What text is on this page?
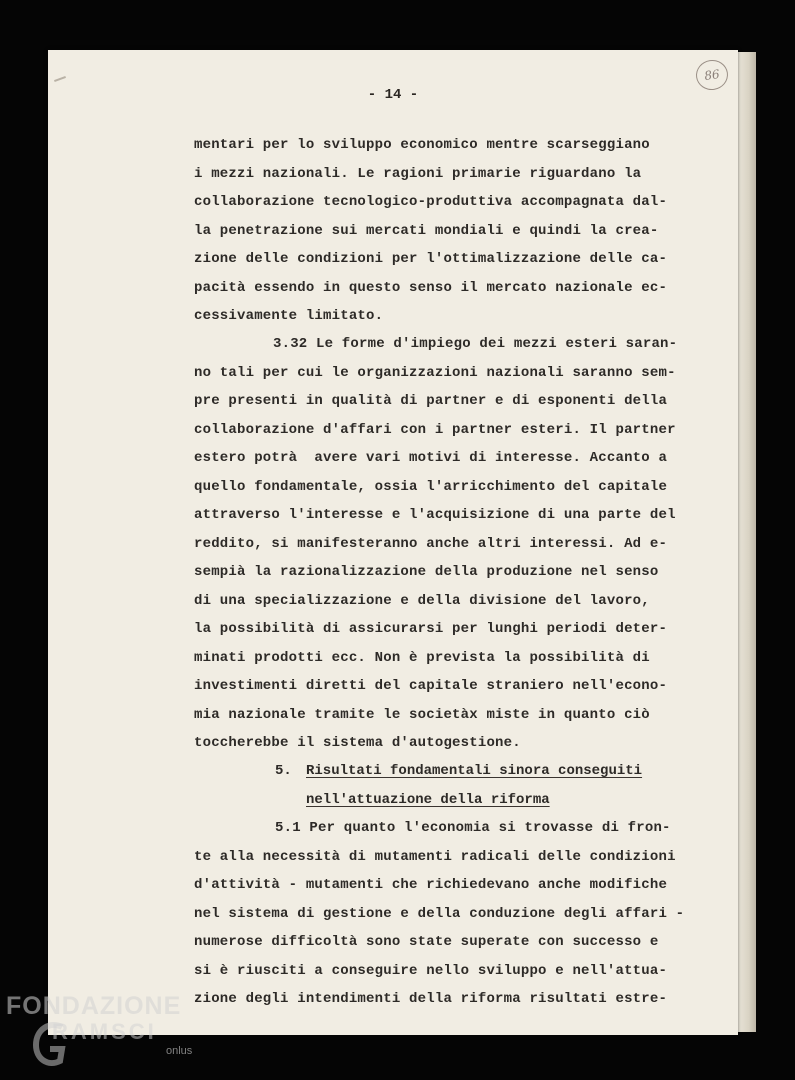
86
- 14 -
mentari per lo sviluppo economico mentre scarseggiano
i mezzi nazionali. Le ragioni primarie riguardano la
collaborazione tecnologico-produttiva accompagnata dal-
la penetrazione sui mercati mondiali e quindi la crea-
zione delle condizioni per l'ottimalizzazione delle ca-
pacità essendo in questo senso il mercato nazionale ec-
cessivamente limitato.
3.32 Le forme d'impiego dei mezzi esteri saran-
no tali per cui le organizzazioni nazionali saranno sem-
pre presenti in qualità di partner e di esponenti della
collaborazione d'affari con i partner esteri. Il partner
estero potrà  avere vari motivi di interesse. Accanto a
quello fondamentale, ossia l'arricchimento del capitale
attraverso l'interesse e l'acquisizione di una parte del
reddito, si manifesteranno anche altri interessi. Ad e-
sempià la razionalizzazione della produzione nel senso
di una specializzazione e della divisione del lavoro,
la possibilità di assicurarsi per lunghi periodi deter-
minati prodotti ecc. Non è prevista la possibilità di
investimenti diretti del capitale straniero nell'econo-
mia nazionale tramite le societàx miste in quanto ciò
toccherebbe il sistema d'autogestione.
5.	Risultati fondamentali sinora conseguiti
nell'attuazione della riforma
5.1 Per quanto l'economia si trovasse di fron-
te alla necessità di mutamenti radicali delle condizioni
d'attività - mutamenti che richiedevano anche modifiche
nel sistema di gestione e della conduzione degli affari -
numerose difficoltà sono state superate con successo e
si è riusciti a conseguire nello sviluppo e nell'attua-
zione degli intendimenti della riforma risultati estre-
FONDAZIONE
RAMSCI
onlus
